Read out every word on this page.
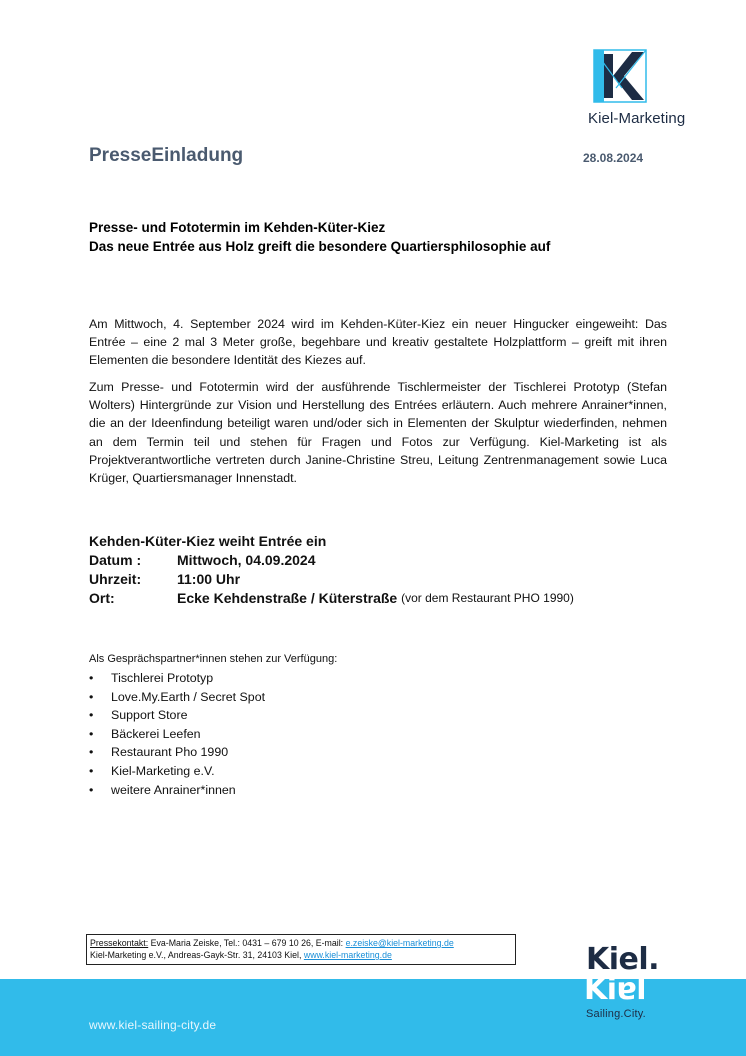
Kiel-Marketing
PresseEinladung	28.08.2024
Presse- und Fototermin im Kehden-Küter-Kiez
Das neue Entrée aus Holz greift die besondere Quartiersphilosophie auf
Am Mittwoch, 4. September 2024 wird im Kehden-Küter-Kiez ein neuer Hingucker eingeweiht: Das Entrée – eine 2 mal 3 Meter große, begehbare und kreativ gestaltete Holzplattform – greift mit ihren Elementen die besondere Identität des Kiezes auf.
Zum Presse- und Fototermin wird der ausführende Tischlermeister der Tischlerei Prototyp (Stefan Wolters) Hintergründe zur Vision und Herstellung des Entrées erläutern. Auch mehrere Anrainer*innen, die an der Ideenfindung beteiligt waren und/oder sich in Elementen der Skulptur wiederfinden, nehmen an dem Termin teil und stehen für Fragen und Fotos zur Verfügung. Kiel-Marketing ist als Projektverantwortliche vertreten durch Janine-Christine Streu, Leitung Zentrenmanagement sowie Luca Krüger, Quartiersmanager Innenstadt.
Kehden-Küter-Kiez weiht Entrée ein
Datum :	Mittwoch, 04.09.2024
Uhrzeit:	11:00 Uhr
Ort:	Ecke Kehdenstraße / Küterstraße
(vor dem Restaurant PHO 1990)
Als Gesprächspartner*innen stehen zur Verfügung:
•	Tischlerei Prototyp
•	Love.My.Earth / Secret Spot
•	Support Store
•	Bäckerei Leefen
•	Restaurant Pho 1990
•	Kiel-Marketing e.V.
•	weitere Anrainer*innen
Pressekontakt: Eva-Maria Zeiske, Tel.: 0431 – 679 10 26, E-mail: e.zeiske@kiel-marketing.de
Kiel-Marketing e.V., Andreas-Gayk-Str. 31, 24103 Kiel, www.kiel-marketing.de
www.kiel-sailing-city.de
Kiel.
Kiɐl
Sailing.City.
